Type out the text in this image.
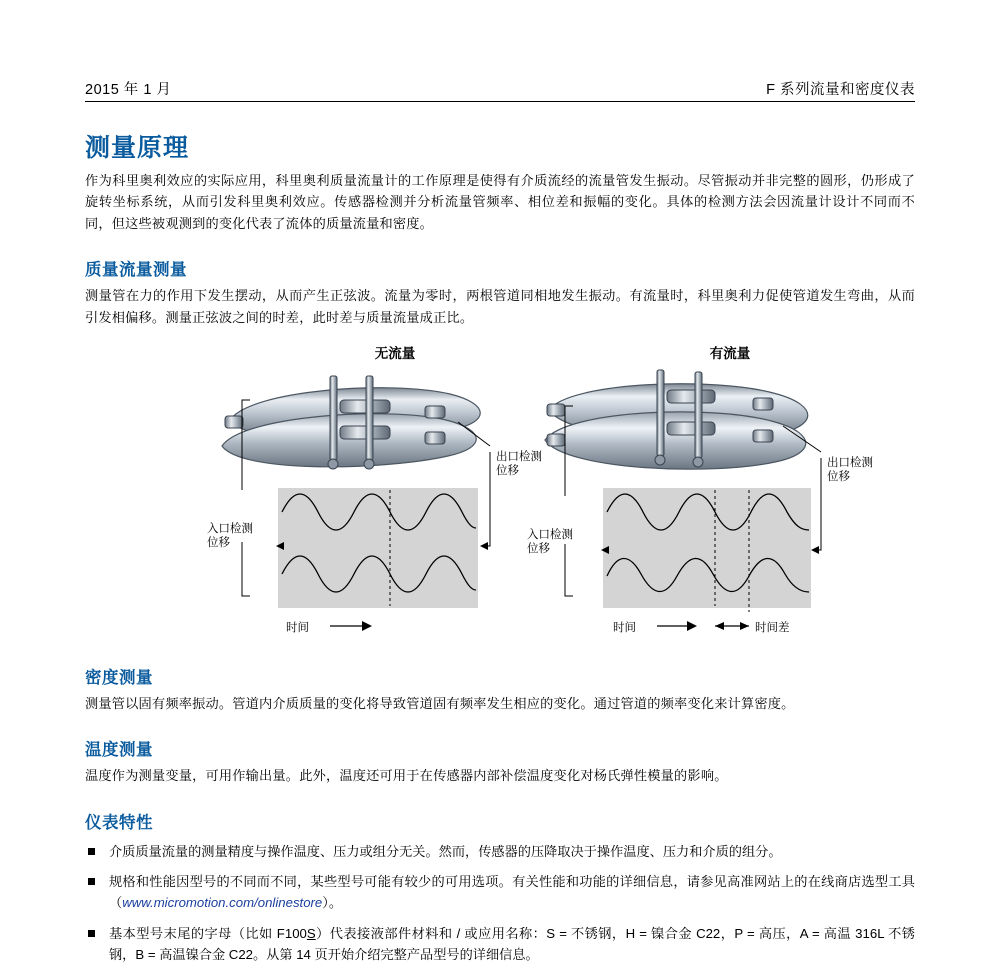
2015 年 1 月	F 系列流量和密度仪表
测量原理

作为科里奥利效应的实际应用，科里奥利质量流量计的工作原理是使得有介质流经的流量管发生振动。尽管振动并非完整的圆形，仍形成了旋转坐标系统，从而引发科里奥利效应。传感器检测并分析流量管频率、相位差和振幅的变化。具体的检测方法会因流量计设计不同而不同，但这些被观测到的变化代表了流体的质量流量和密度。

质量流量测量

测量管在力的作用下发生摆动，从而产生正弦波。流量为零时，两根管道同相地发生振动。有流量时，科里奥利力促使管道发生弯曲，从而引发相偏移。测量正弦波之间的时差，此时差与质量流量成正比。

无流量
入口检测
位移
出口检测
位移
时间
有流量
入口检测
位移
出口检测
位移
时间	时间差
密度测量

测量管以固有频率振动。管道内介质质量的变化将导致管道固有频率发生相应的变化。通过管道的频率变化来计算密度。

温度测量

温度作为测量变量，可用作输出量。此外，温度还可用于在传感器内部补偿温度变化对杨氏弹性模量的影响。

仪表特性
介质质量流量的测量精度与操作温度、压力或组分无关。然而，传感器的压降取决于操作温度、压力和介质的组分。
规格和性能因型号的不同而不同，某些型号可能有较少的可用选项。有关性能和功能的详细信息，请参见高准网站上的在线商店选型工具（www.micromotion.com/onlinestore）。
基本型号末尾的字母（比如 F100S）代表接液部件材料和 / 或应用名称：S = 不锈钢，H = 镍合金 C22，P = 高压，A = 高温 316L 不锈钢，B = 高温镍合金 C22。从第 14 页开始介绍完整产品型号的详细信息。
